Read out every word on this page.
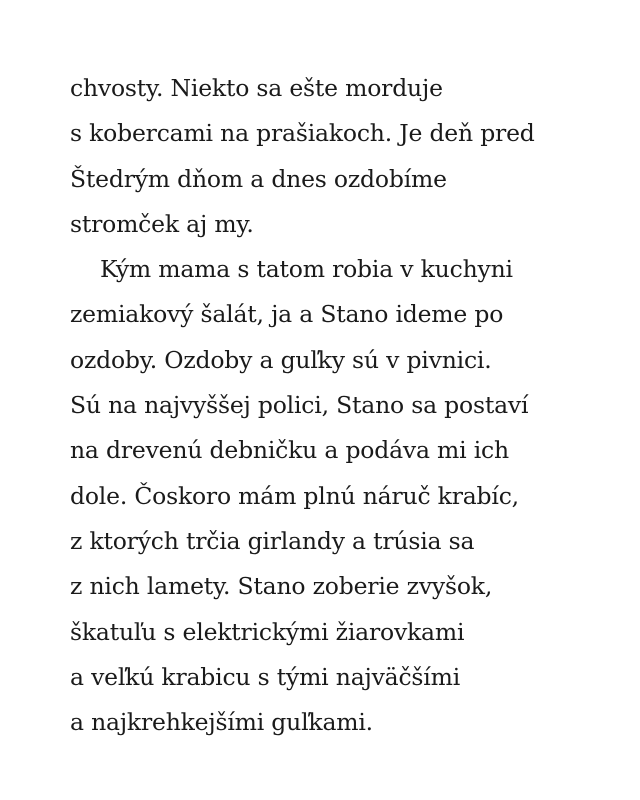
chvosty. Niekto sa ešte morduje
s kobercami na prašiakoch. Je deň pred
Štedrým dňom a dnes ozdobíme
stromček aj my.
Kým mama s tatom robia v kuchyni
zemiakový šalát, ja a Stano ideme po
ozdoby. Ozdoby a guľky sú v pivnici.
Sú na najvyššej polici, Stano sa postaví
na drevenú debničku a podáva mi ich
dole. Čoskoro mám plnú náruč krabíc,
z ktorých trčia girlandy a trúsia sa
z nich lamety. Stano zoberie zvyšok,
škatuľu s elektrickými žiarovkami
a veľkú krabicu s tými najväčšími
a najkrehkejšími guľkami.
